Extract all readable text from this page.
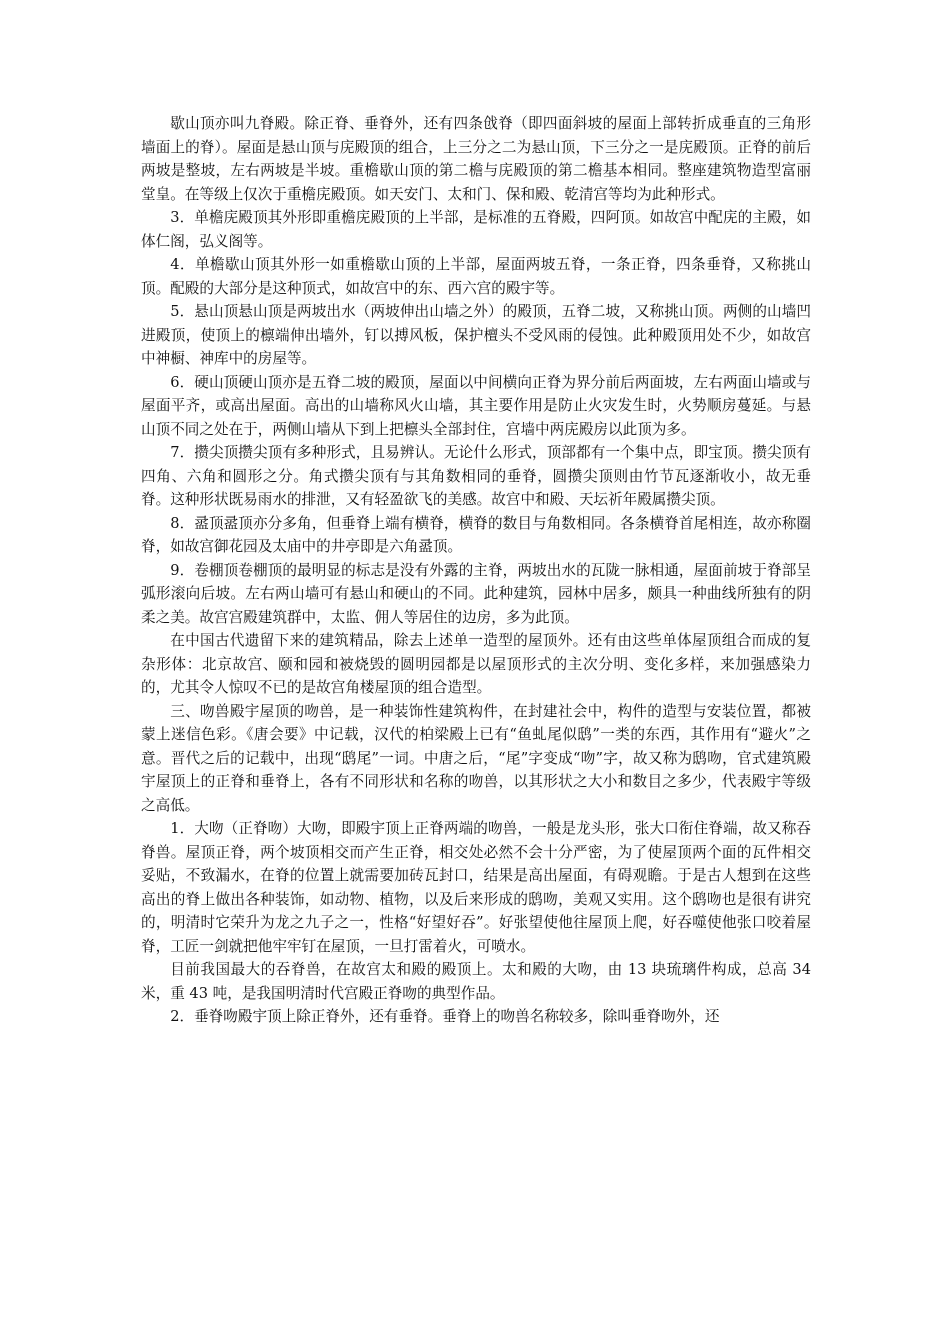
歇山顶亦叫九脊殿。除正脊、垂脊外，还有四条戗脊（即四面斜坡的屋面上部转折成垂直的三角形墙面上的脊）。屋面是悬山顶与庑殿顶的组合，上三分之二为悬山顶，下三分之一是庑殿顶。正脊的前后两坡是整坡，左右两坡是半坡。重檐歇山顶的第二檐与庑殿顶的第二檐基本相同。整座建筑物造型富丽堂皇。在等级上仅次于重檐庑殿顶。如天安门、太和门、保和殿、乾清宫等均为此种形式。

3．单檐庑殿顶其外形即重檐庑殿顶的上半部，是标准的五脊殿，四阿顶。如故宫中配庑的主殿，如体仁阁，弘义阁等。

4．单檐歇山顶其外形一如重檐歇山顶的上半部，屋面两坡五脊，一条正脊，四条垂脊，又称挑山顶。配殿的大部分是这种顶式，如故宫中的东、西六宫的殿宇等。

5．悬山顶悬山顶是两坡出水（两坡伸出山墙之外）的殿顶，五脊二坡，又称挑山顶。两侧的山墙凹进殿顶，使顶上的檩端伸出墙外，钉以搏风板，保护檀头不受风雨的侵蚀。此种殿顶用处不少，如故宫中神橱、神库中的房屋等。

6．硬山顶硬山顶亦是五脊二坡的殿顶，屋面以中间横向正脊为界分前后两面坡，左右两面山墙或与屋面平齐，或高出屋面。高出的山墙称风火山墙，其主要作用是防止火灾发生时，火势顺房蔓延。与悬山顶不同之处在于，两侧山墙从下到上把檩头全部封住，宫墙中两庑殿房以此顶为多。

7．攒尖顶攒尖顶有多种形式，且易辨认。无论什么形式，顶部都有一个集中点，即宝顶。攒尖顶有四角、六角和圆形之分。角式攒尖顶有与其角数相同的垂脊，圆攒尖顶则由竹节瓦逐渐收小，故无垂脊。这种形状既易雨水的排泄，又有轻盈欲飞的美感。故宫中和殿、天坛祈年殿属攒尖顶。

8．盝顶盝顶亦分多角，但垂脊上端有横脊，横脊的数目与角数相同。各条横脊首尾相连，故亦称圈脊，如故宫御花园及太庙中的井亭即是六角盝顶。

9．卷棚顶卷棚顶的最明显的标志是没有外露的主脊，两坡出水的瓦陇一脉相通，屋面前坡于脊部呈弧形滚向后坡。左右两山墙可有悬山和硬山的不同。此种建筑，园林中居多，颇具一种曲线所独有的阴柔之美。故宫宫殿建筑群中，太监、佣人等居住的边房，多为此顶。

在中国古代遗留下来的建筑精品，除去上述单一造型的屋顶外。还有由这些单体屋顶组合而成的复杂形体：北京故宫、颐和园和被烧毁的圆明园都是以屋顶形式的主次分明、变化多样，来加强感染力的，尤其令人惊叹不已的是故宫角楼屋顶的组合造型。

三、吻兽殿宇屋顶的吻兽，是一种装饰性建筑构件，在封建社会中，构件的造型与安装位置，都被蒙上迷信色彩。《唐会要》中记载，汉代的柏梁殿上已有“鱼虬尾似鸱”一类的东西，其作用有“避火”之意。晋代之后的记载中，出现“鸱尾”一词。中唐之后，“尾”字变成“吻”字，故又称为鸱吻，官式建筑殿宇屋顶上的正脊和垂脊上，各有不同形状和名称的吻兽，以其形状之大小和数目之多少，代表殿宇等级之高低。

1．大吻（正脊吻）大吻，即殿宇顶上正脊两端的吻兽，一般是龙头形，张大口衔住脊端，故又称吞脊兽。屋顶正脊，两个坡顶相交而产生正脊，相交处必然不会十分严密，为了使屋顶两个面的瓦件相交妥贴，不致漏水，在脊的位置上就需要加砖瓦封口，结果是高出屋面，有碍观瞻。于是古人想到在这些高出的脊上做出各种装饰，如动物、植物，以及后来形成的鸱吻，美观又实用。这个鸱吻也是很有讲究的，明清时它荣升为龙之九子之一，性格“好望好吞”。好张望使他往屋顶上爬，好吞噬使他张口咬着屋脊，工匠一剑就把他牢牢钉在屋顶，一旦打雷着火，可喷水。

目前我国最大的吞脊兽，在故宫太和殿的殿顶上。太和殿的大吻，由 13 块琉璃件构成，总高 34 米，重 43 吨，是我国明清时代宫殿正脊吻的典型作品。

2．垂脊吻殿宇顶上除正脊外，还有垂脊。垂脊上的吻兽名称较多，除叫垂脊吻外，还
